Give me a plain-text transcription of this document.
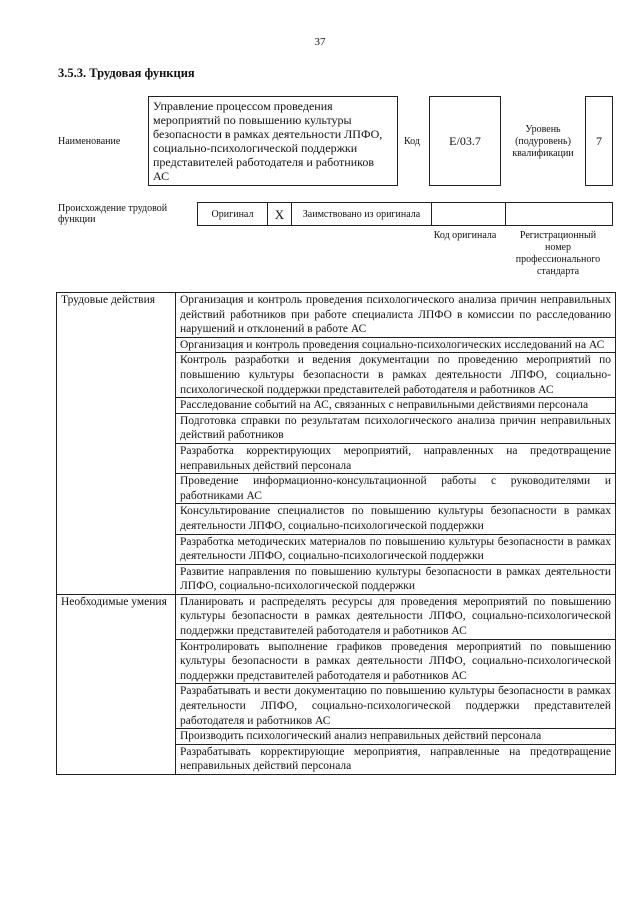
37
3.5.3. Трудовая функция
Наименование
Управление процессом проведения мероприятий по повышению культуры безопасности в рамках деятельности ЛПФО, социально-психологической поддержки представителей работодателя и работников АС
Код	E/03.7
Уровень (подуровень) квалификации
7
Происхождение трудовой функции	Оригинал	X	Заимствовано из оригинала
Код оригинала	Регистрационный номер профессионального стандарта
Трудовые действия	Организация и контроль проведения психологического анализа причин неправильных действий работников при работе специалиста ЛПФО в комиссии по расследованию нарушений и отклонений в работе АС
	Организация и контроль проведения социально-психологических исследований на АС
	Контроль разработки и ведения документации по проведению мероприятий по повышению культуры безопасности в рамках деятельности ЛПФО, социально-психологической поддержки представителей работодателя и работников АС
	Расследование событий на АС, связанных с неправильными действиями персонала
	Подготовка справки по результатам психологического анализа причин неправильных действий работников
	Разработка корректирующих мероприятий, направленных на предотвращение неправильных действий персонала
	Проведение информационно-консультационной работы с руководителями и работниками АС
	Консультирование специалистов по повышению культуры безопасности в рамках деятельности ЛПФО, социально-психологической поддержки
	Разработка методических материалов по повышению культуры безопасности в рамках деятельности ЛПФО, социально-психологической поддержки
	Развитие направления по повышению культуры безопасности в рамках деятельности ЛПФО, социально-психологической поддержки
Необходимые умения	Планировать и распределять ресурсы для проведения мероприятий по повышению культуры безопасности в рамках деятельности ЛПФО, социально-психологической поддержки представителей работодателя и работников АС
	Контролировать выполнение графиков проведения мероприятий по повышению культуры безопасности в рамках деятельности ЛПФО, социально-психологической поддержки представителей работодателя и работников АС
	Разрабатывать и вести документацию по повышению культуры безопасности в рамках деятельности ЛПФО, социально-психологической поддержки представителей работодателя и работников АС
	Производить психологический анализ неправильных действий персонала
	Разрабатывать корректирующие мероприятия, направленные на предотвращение неправильных действий персонала
